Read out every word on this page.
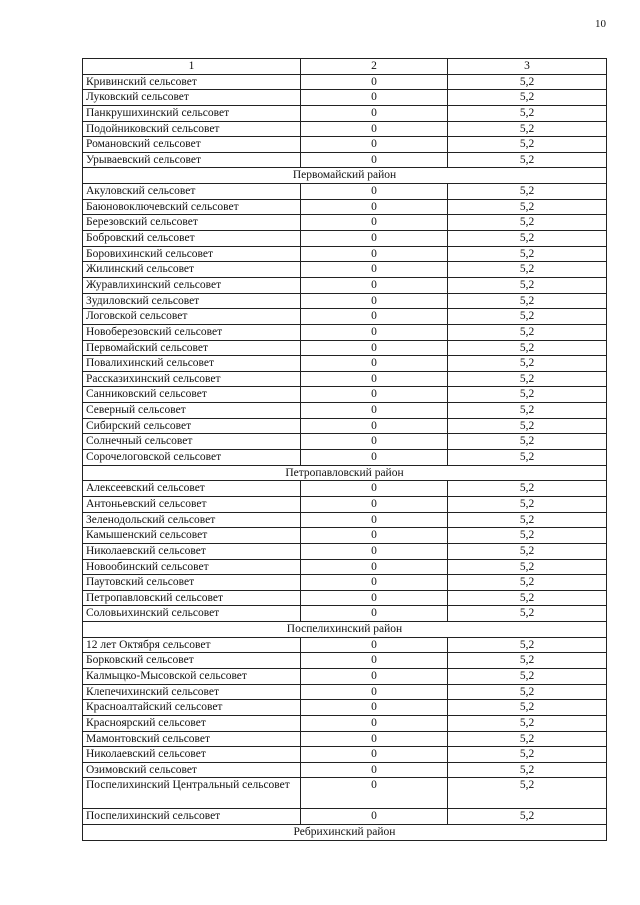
10
1	2	3
Кривинский сельсовет	0	5,2
Луковский сельсовет	0	5,2
Панкрушихинский сельсовет	0	5,2
Подойниковский сельсовет	0	5,2
Романовский сельсовет	0	5,2
Урываевский сельсовет	0	5,2
Первомайский район		
Акуловский сельсовет	0	5,2
Баюновоключевский сельсовет	0	5,2
Березовский сельсовет	0	5,2
Бобровский сельсовет	0	5,2
Боровихинский сельсовет	0	5,2
Жилинский сельсовет	0	5,2
Журавлихинский сельсовет	0	5,2
Зудиловский сельсовет	0	5,2
Логовской сельсовет	0	5,2
Новоберезовский сельсовет	0	5,2
Первомайский сельсовет	0	5,2
Повалихинский сельсовет	0	5,2
Рассказихинский сельсовет	0	5,2
Санниковский сельсовет	0	5,2
Северный сельсовет	0	5,2
Сибирский сельсовет	0	5,2
Солнечный сельсовет	0	5,2
Сорочелоговской сельсовет	0	5,2
Петропавловский район		
Алексеевский сельсовет	0	5,2
Антоньевский сельсовет	0	5,2
Зеленодольский сельсовет	0	5,2
Камышенский сельсовет	0	5,2
Николаевский сельсовет	0	5,2
Новообинский сельсовет	0	5,2
Паутовский сельсовет	0	5,2
Петропавловский сельсовет	0	5,2
Соловьихинский сельсовет	0	5,2
Поспелихинский район		
12 лет Октября сельсовет	0	5,2
Борковский сельсовет	0	5,2
Калмыцко-Мысовской сельсовет	0	5,2
Клепечихинский сельсовет	0	5,2
Красноалтайский сельсовет	0	5,2
Красноярский сельсовет	0	5,2
Мамонтовский сельсовет	0	5,2
Николаевский сельсовет	0	5,2
Озимовский сельсовет	0	5,2
Поспелихинский Центральный сельсовет	0	5,2
Поспелихинский сельсовет	0	5,2
Ребрихинский район		
